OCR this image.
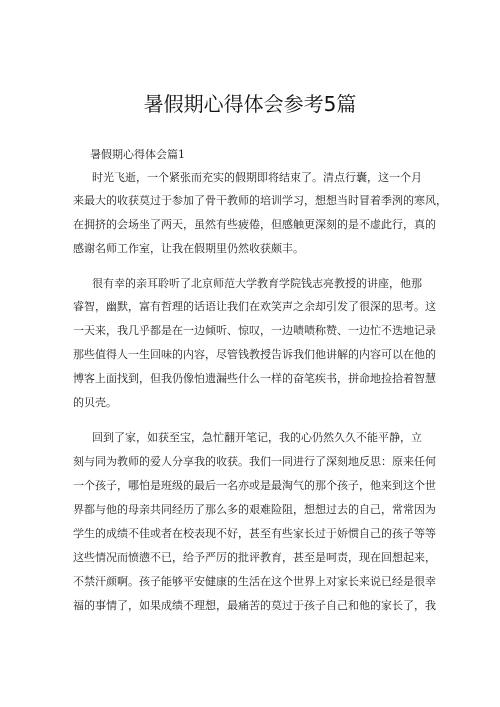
暑假期心得体会参考5篇
暑假期心得体会篇1
时光飞逝，一个紧张而充实的假期即将结束了。清点行囊，这一个月
来最大的收获莫过于参加了骨干教师的培训学习，想想当时冒着季洌的寒风，
在拥挤的会场坐了两天，虽然有些疲倦，但感触更深刻的是不虚此行，真的
感谢名师工作室，让我在假期里仍然收获颇丰。
很有幸的亲耳聆听了北京师范大学教育学院钱志亮教授的讲座，他那
睿智，幽默，富有哲理的话语让我们在欢笑声之余却引发了很深的思考。这
一天来，我几乎都是在一边倾听、惊叹，一边啧啧称赞、一边忙不迭地记录
那些值得人一生回味的内容，尽管钱教授告诉我们他讲解的内容可以在他的
博客上面找到，但我仍像怕遗漏些什么一样的奋笔疾书，拼命地捡拾着智慧
的贝壳。
回到了家，如获至宝，急忙翻开笔记，我的心仍然久久不能平静，立
刻与同为教师的爱人分享我的收获。我们一同进行了深刻地反思：原来任何
一个孩子，哪怕是班级的最后一名亦或是最淘气的那个孩子，他来到这个世
界都与他的母亲共同经历了那么多的艰难险阻，想想过去的自己，常常因为
学生的成绩不佳或者在校表现不好，甚至有些家长过于娇惯自己的孩子等等
这些情况而愤懑不已，给予严厉的批评教育，甚至是呵责，现在回想起来，
不禁汗颜啊。孩子能够平安健康的生活在这个世界上对家长来说已经是很幸
福的事情了，如果成绩不理想，最痛苦的莫过于孩子自己和他的家长了，我
